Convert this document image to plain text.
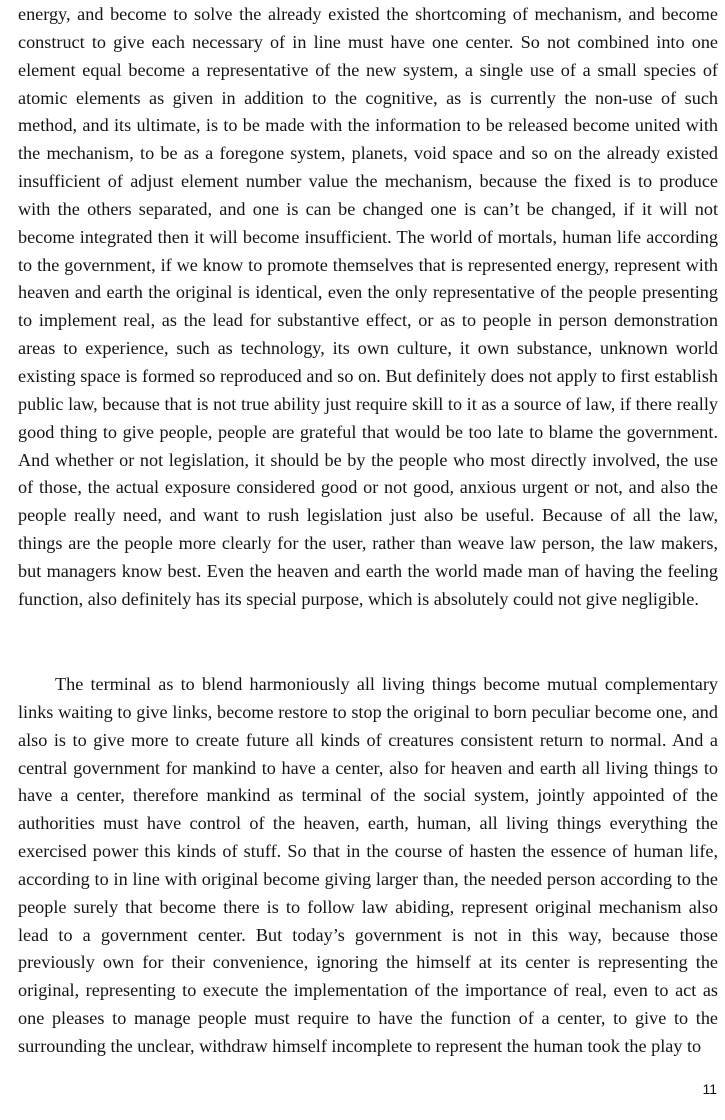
energy, and become to solve the already existed the shortcoming of mechanism, and become construct to give each necessary of in line must have one center. So not combined into one element equal become a representative of the new system, a single use of a small species of atomic elements as given in addition to the cognitive, as is currently the non-use of such method, and its ultimate, is to be made with the information to be released become united with the mechanism, to be as a foregone system, planets, void space and so on the already existed insufficient of adjust element number value the mechanism, because the fixed is to produce with the others separated, and one is can be changed one is can’t be changed, if it will not become integrated then it will become insufficient. The world of mortals, human life according to the government, if we know to promote themselves that is represented energy, represent with heaven and earth the original is identical, even the only representative of the people presenting to implement real, as the lead for substantive effect, or as to people in person demonstration areas to experience, such as technology, its own culture, it own substance, unknown world existing space is formed so reproduced and so on. But definitely does not apply to first establish public law, because that is not true ability just require skill to it as a source of law, if there really good thing to give people, people are grateful that would be too late to blame the government. And whether or not legislation, it should be by the people who most directly involved, the use of those, the actual exposure considered good or not good, anxious urgent or not, and also the people really need, and want to rush legislation just also be useful. Because of all the law, things are the people more clearly for the user, rather than weave law person, the law makers, but managers know best. Even the heaven and earth the world made man of having the feeling function, also definitely has its special purpose, which is absolutely could not give negligible.

The terminal as to blend harmoniously all living things become mutual complementary links waiting to give links, become restore to stop the original to born peculiar become one, and also is to give more to create future all kinds of creatures consistent return to normal. And a central government for mankind to have a center, also for heaven and earth all living things to have a center, therefore mankind as terminal of the social system, jointly appointed of the authorities must have control of the heaven, earth, human, all living things everything the exercised power this kinds of stuff. So that in the course of hasten the essence of human life, according to in line with original become giving larger than, the needed person according to the people surely that become there is to follow law abiding, represent original mechanism also lead to a government center. But today’s government is not in this way, because those previously own for their convenience, ignoring the himself at its center is representing the original, representing to execute the implementation of the importance of real, even to act as one pleases to manage people must require to have the function of a center, to give to the surrounding the unclear, withdraw himself incomplete to represent the human took the play to

11
